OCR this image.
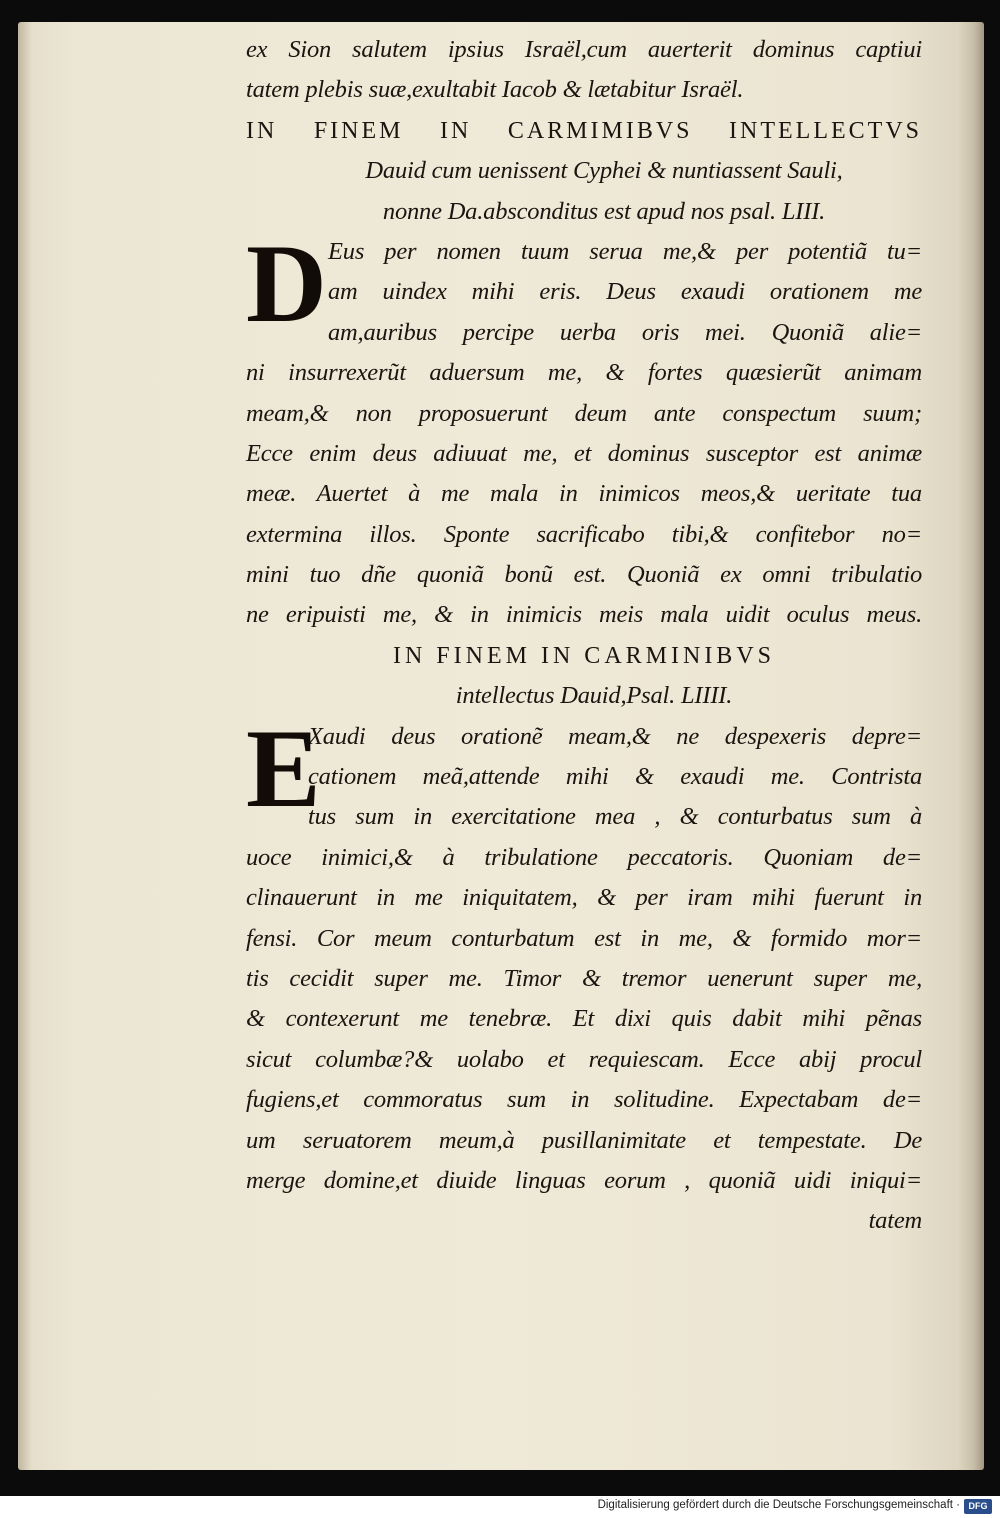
ex Sion salutem ipsius Israël,cum auerterit dominus captiui
tatem plebis suæ,exultabit Iacob & lætabitur Israël.
IN FINEM IN CARMIMIBVS INTELLECTVS
Dauid cum uenissent Cyphei & nuntiassent Sauli,
nonne Da.absconditus est apud nos psal. LIII.
D Eus per nomen tuum serua me,& per potentiã tu=
am uindex mihi eris. Deus exaudi orationem me
am,auribus percipe uerba oris mei. Quoniã alie=
ni insurrexerũt aduersum me, & fortes quæsierũt animam
meam,& non proposuerunt deum ante conspectum suum;
Ecce enim deus adiuuat me, et dominus susceptor est animæ
meæ. Auertet à me mala in inimicos meos,& ueritate tua
extermina illos. Sponte sacrificabo tibi,& confitebor no=
mini tuo dñe quoniã bonũ est. Quoniã ex omni tribulatio
ne eripuisti me, & in inimicis meis mala uidit oculus meus.
IN FINEM IN CARMINIBVS
intellectus Dauid,Psal. LIIII.
E
Xaudi deus orationẽ meam,& ne despexeris depre=
cationem meã,attende mihi & exaudi me. Contrista
tus sum in exercitatione mea , & conturbatus sum à
uoce inimici,& à tribulatione peccatoris. Quoniam de=
clinauerunt in me iniquitatem, & per iram mihi fuerunt in
fensi. Cor meum conturbatum est in me, & formido mor=
tis cecidit super me. Timor & tremor uenerunt super me,
& contexerunt me tenebræ. Et dixi quis dabit mihi pẽnas
sicut columbæ?& uolabo et requiescam. Ecce abij procul
fugiens,et commoratus sum in solitudine. Expectabam de=
um seruatorem meum,à pusillanimitate et tempestate. De
merge domine,et diuide linguas eorum , quoniã uidi iniqui=
tatem
Digitalisierung gefördert durch die Deutsche Forschungsgemeinschaft · DFG
